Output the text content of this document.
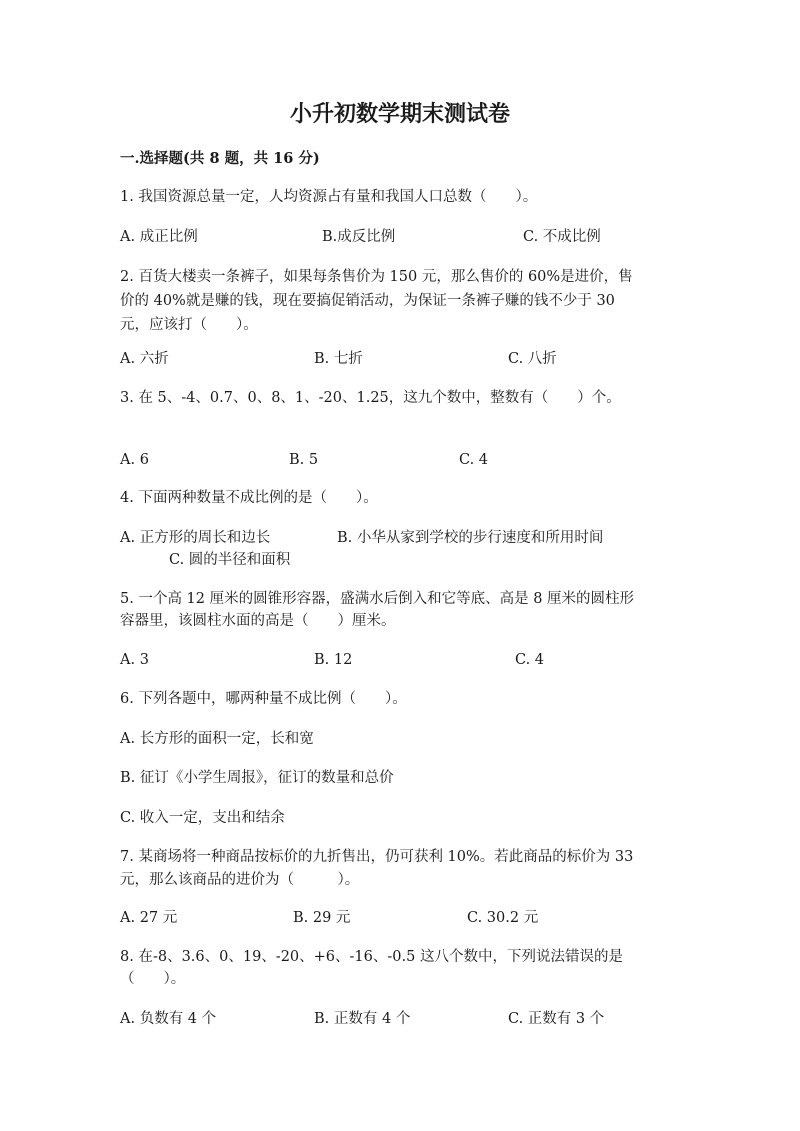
小升初数学期末测试卷
一.选择题(共 8 题，共 16 分)
1. 我国资源总量一定，人均资源占有量和我国人口总数（　　）。
A. 成正比例	B.成反比例	C. 不成比例
2. 百货大楼卖一条裤子，如果每条售价为 150 元，那么售价的 60%是进价，售
价的 40%就是赚的钱，现在要搞促销活动，为保证一条裤子赚的钱不少于 30
元，应该打（　　）。
A. 六折	B. 七折	C. 八折
3. 在 5、-4、0.7、0、8、1、-20、1.25，这九个数中，整数有（　　）个。
A. 6	B. 5	C. 4
4. 下面两种数量不成比例的是（　　）。
A. 正方形的周长和边长	B. 小华从家到学校的步行速度和所用时间
C. 圆的半径和面积
5. 一个高 12 厘米的圆锥形容器，盛满水后倒入和它等底、高是 8 厘米的圆柱形
容器里，该圆柱水面的高是（　　）厘米。
A. 3	B. 12	C. 4
6. 下列各题中，哪两种量不成比例（　　）。
A. 长方形的面积一定，长和宽
B. 征订《小学生周报》，征订的数量和总价
C. 收入一定，支出和结余
7. 某商场将一种商品按标价的九折售出，仍可获利 10%。若此商品的标价为 33
元，那么该商品的进价为（　　　）。
A. 27 元	B. 29 元	C. 30.2 元
8. 在-8、3.6、0、19、-20、+6、-16、-0.5 这八个数中，下列说法错误的是
（　　）。
A. 负数有 4 个	B. 正数有 4 个	C. 正数有 3 个
